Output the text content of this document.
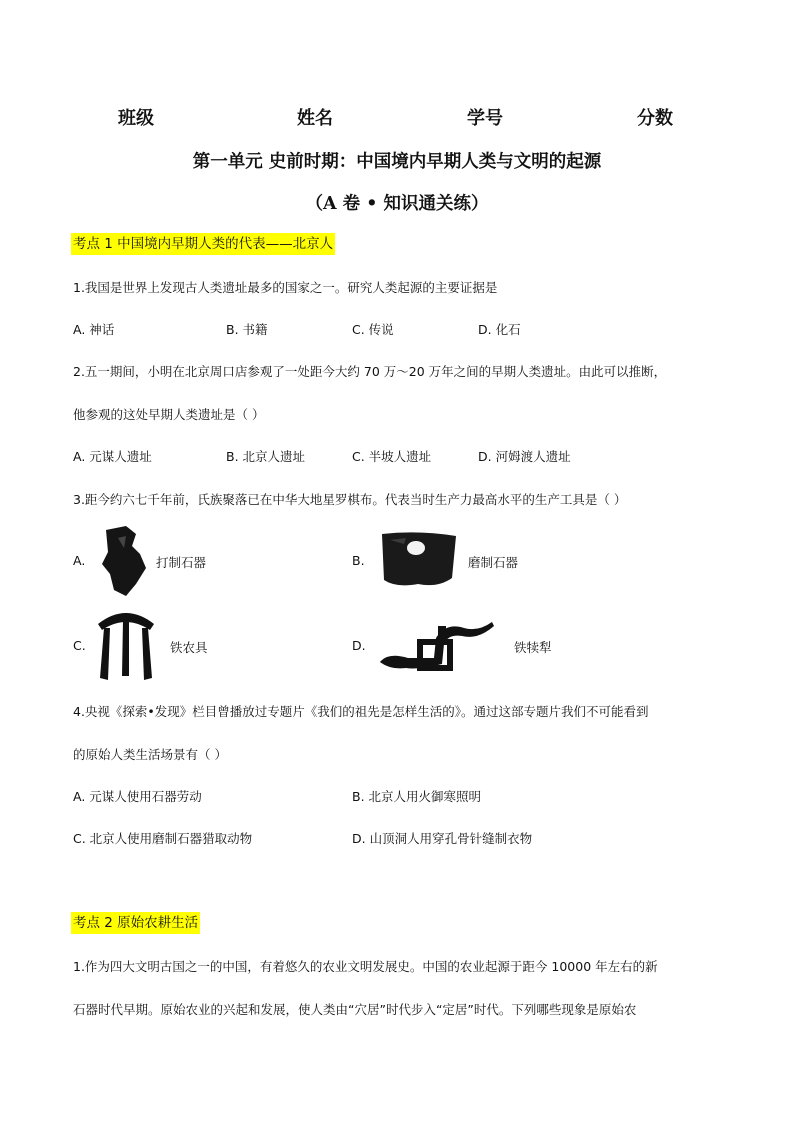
班级	姓名	学号	分数
第一单元 史前时期：中国境内早期人类与文明的起源
（A 卷 • 知识通关练）
考点 1 中国境内早期人类的代表——北京人
1.我国是世界上发现古人类遗址最多的国家之一。研究人类起源的主要证据是
A. 神话	B. 书籍	C. 传说	D. 化石
2.五一期间，小明在北京周口店参观了一处距今大约 70 万～20 万年之间的早期人类遗址。由此可以推断，
他参观的这处早期人类遗址是（ ）
A. 元谋人遗址	B. 北京人遗址	C. 半坡人遗址	D. 河姆渡人遗址
3.距今约六七千年前，氏族聚落已在中华大地星罗棋布。代表当时生产力最高水平的生产工具是（ ）
A.	打制石器	B.	磨制石器
C.	铁农具	D.	铁犊犁
4.央视《探索•发现》栏目曾播放过专题片《我们的祖先是怎样生活的》。通过这部专题片我们不可能看到
的原始人类生活场景有（ ）
A. 元谋人使用石器劳动	B. 北京人用火御寒照明
C. 北京人使用磨制石器猎取动物	D. 山顶洞人用穿孔骨针缝制衣物
考点 2 原始农耕生活
1.作为四大文明古国之一的中国，有着悠久的农业文明发展史。中国的农业起源于距今 10000 年左右的新
石器时代早期。原始农业的兴起和发展，使人类由“穴居”时代步入“定居”时代。下列哪些现象是原始农
